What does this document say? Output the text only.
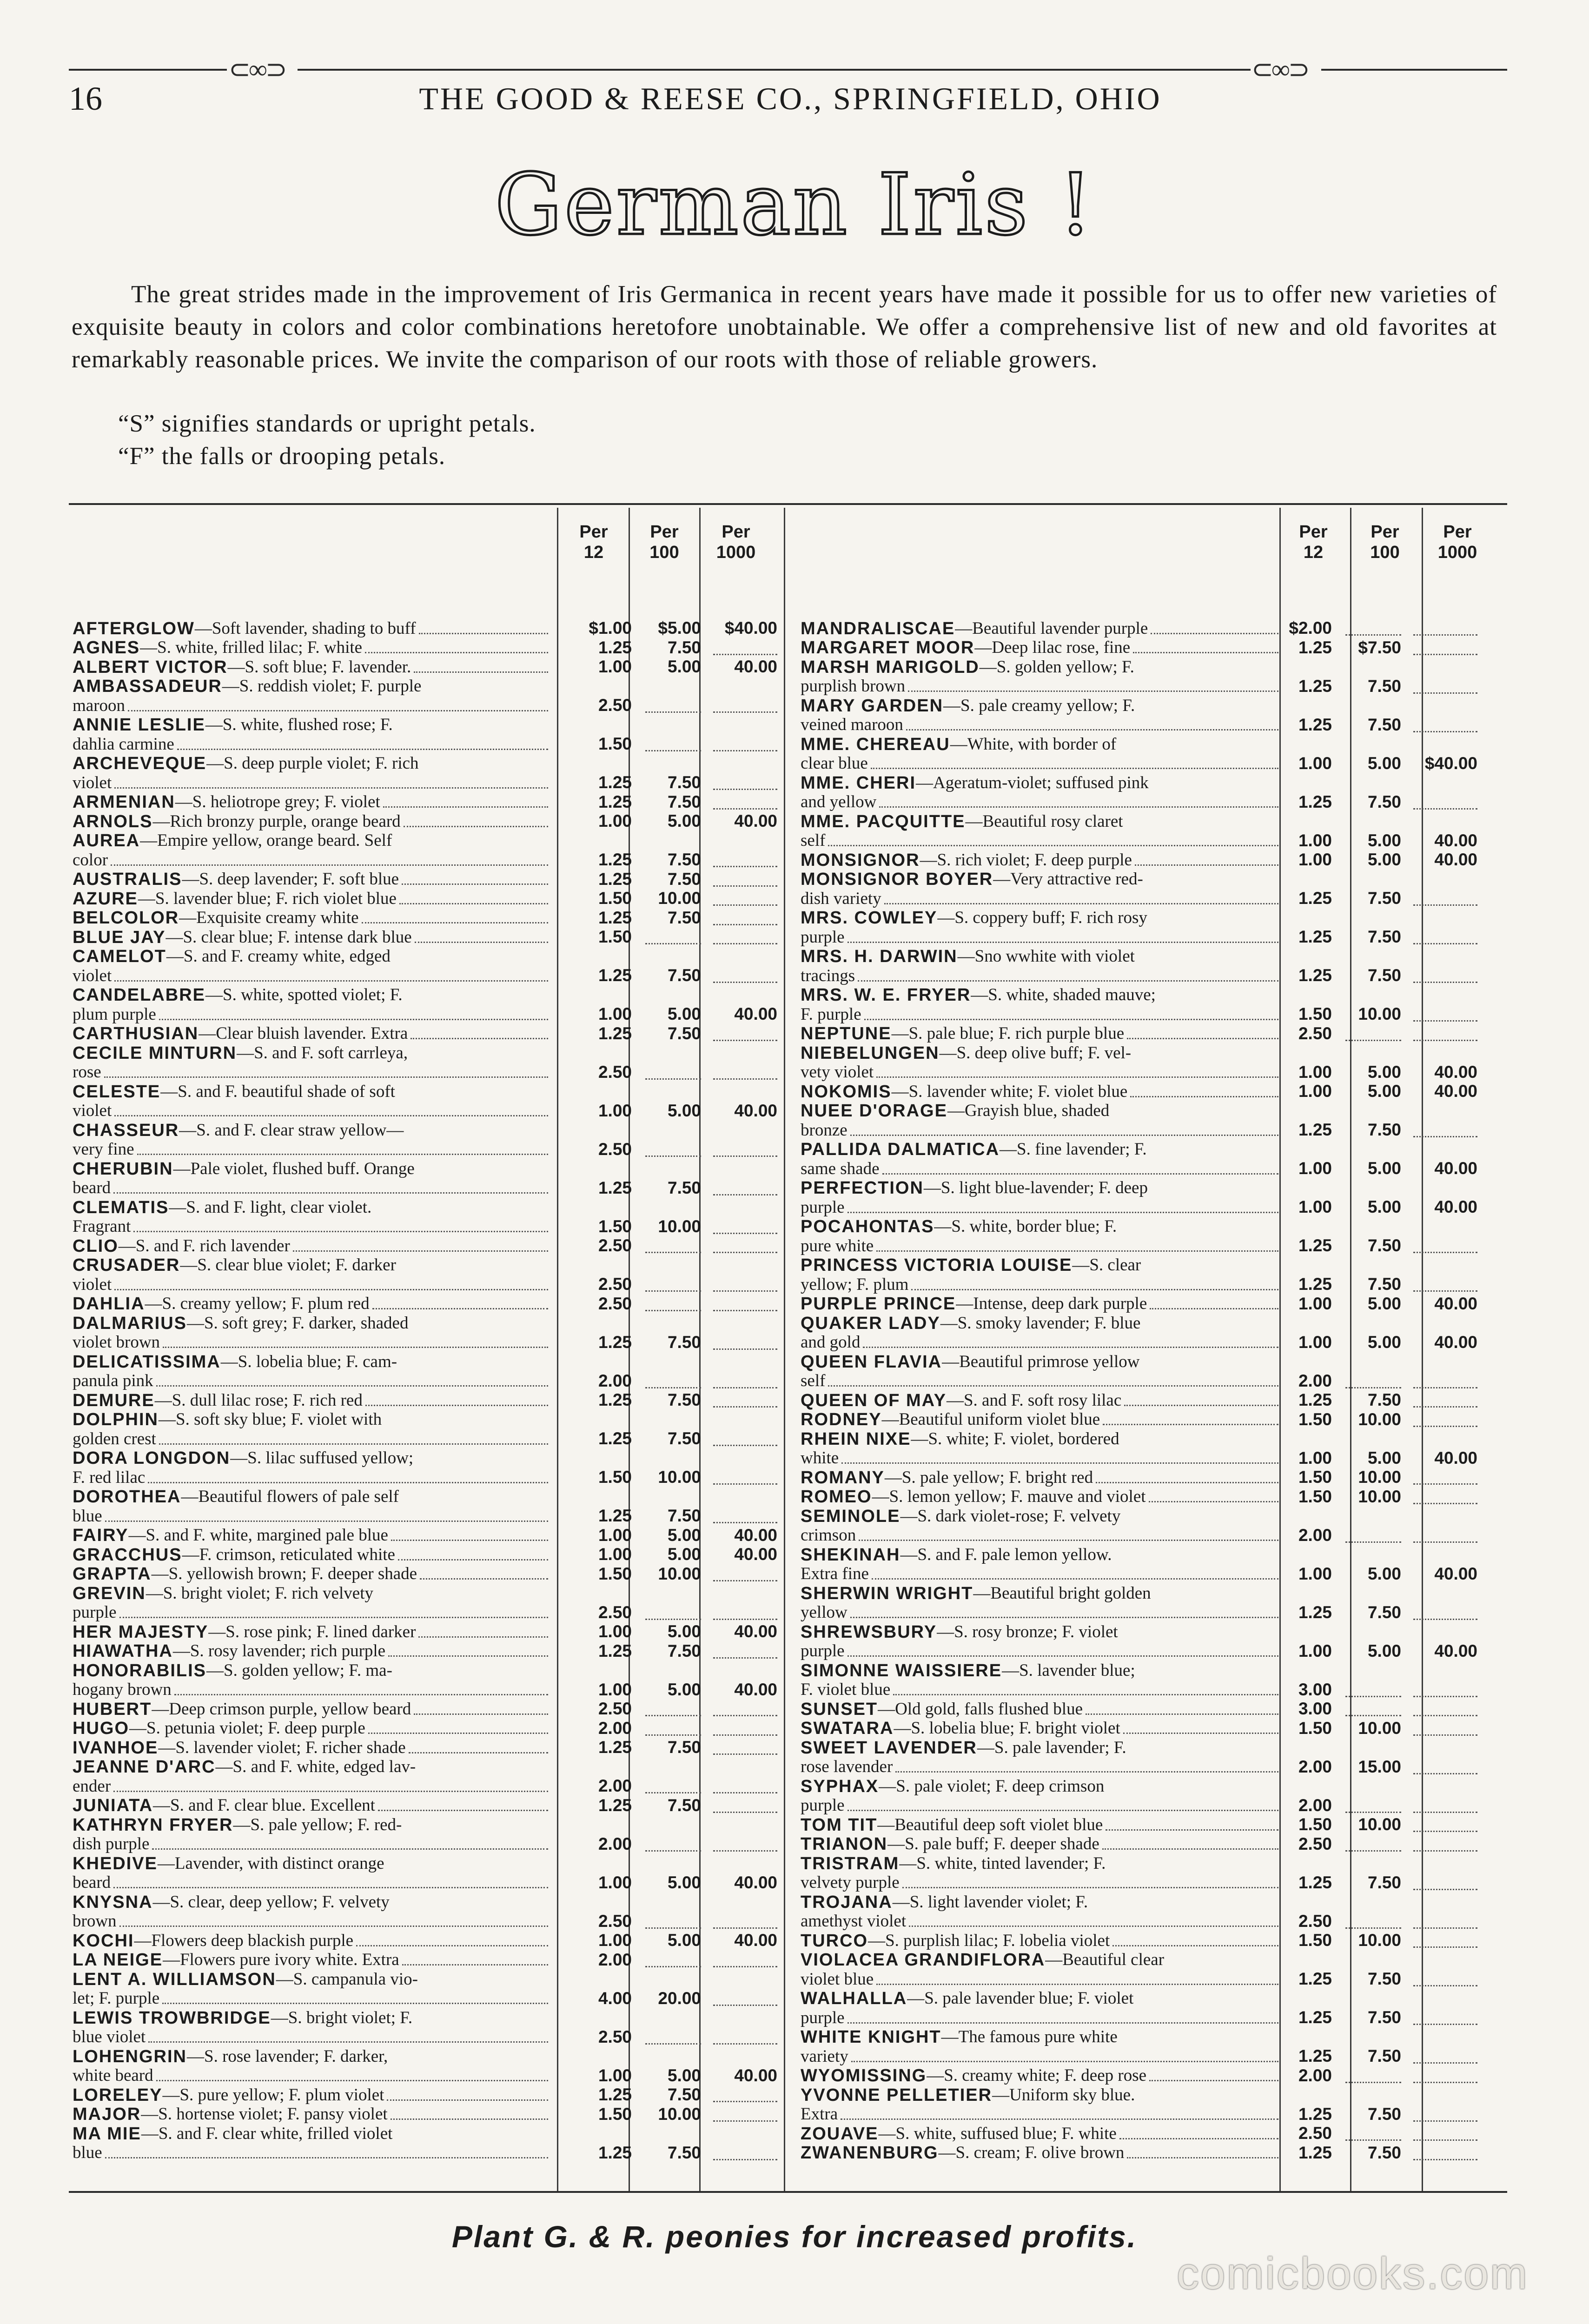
⊂∞⊃	⊂∞⊃
16	THE GOOD & REESE CO., SPRINGFIELD, OHIO
German Iris !
The great strides made in the improvement of Iris Germanica in recent years have made it possible for us to offer new varieties of exquisite beauty in colors and color combinations heretofore unobtainable. We offer a comprehensive list of new and old favorites at remarkably reasonable prices. We invite the comparison of our roots with those of reliable growers.
“S” signifies standards or upright petals.
“F” the falls or drooping petals.
Per
12
Per
100
Per
1000
Per
12
Per
100
Per
1000
AFTERGLOW —Soft lavender, shading to buff	$1.00	$5.00	$40.00
AGNES —S. white, frilled lilac; F. white	1.25	7.50
ALBERT VICTOR —S. soft blue; F. lavender.	1.00	5.00	40.00
AMBASSADEUR —S. reddish violet; F. purple
maroon	2.50
ANNIE LESLIE —S. white, flushed rose; F.
dahlia carmine	1.50
ARCHEVEQUE —S. deep purple violet; F. rich
violet	1.25	7.50
ARMENIAN —S. heliotrope grey; F. violet	1.25	7.50
ARNOLS —Rich bronzy purple, orange beard	1.00	5.00	40.00
AUREA —Empire yellow, orange beard. Self
color	1.25	7.50
AUSTRALIS —S. deep lavender; F. soft blue	1.25	7.50
AZURE —S. lavender blue; F. rich violet blue	1.50	10.00
BELCOLOR —Exquisite creamy white	1.25	7.50
BLUE JAY —S. clear blue; F. intense dark blue	1.50
CAMELOT —S. and F. creamy white, edged
violet	1.25	7.50
CANDELABRE —S. white, spotted violet; F.
plum purple	1.00	5.00	40.00
CARTHUSIAN —Clear bluish lavender. Extra	1.25	7.50
CECILE MINTURN —S. and F. soft carrleya,
rose	2.50
CELESTE —S. and F. beautiful shade of soft
violet	1.00	5.00	40.00
CHASSEUR —S. and F. clear straw yellow—
very fine	2.50
CHERUBIN —Pale violet, flushed buff. Orange
beard	1.25	7.50
CLEMATIS —S. and F. light, clear violet.
Fragrant	1.50	10.00
CLIO —S. and F. rich lavender	2.50
CRUSADER —S. clear blue violet; F. darker
violet	2.50
DAHLIA —S. creamy yellow; F. plum red	2.50
DALMARIUS —S. soft grey; F. darker, shaded
violet brown	1.25	7.50
DELICATISSIMA —S. lobelia blue; F. cam-
panula pink	2.00
DEMURE —S. dull lilac rose; F. rich red	1.25	7.50
DOLPHIN —S. soft sky blue; F. violet with
golden crest	1.25	7.50
DORA LONGDON —S. lilac suffused yellow;
F. red lilac	1.50	10.00
DOROTHEA —Beautiful flowers of pale self
blue	1.25	7.50
FAIRY —S. and F. white, margined pale blue	1.00	5.00	40.00
GRACCHUS —F. crimson, reticulated white	1.00	5.00	40.00
GRAPTA —S. yellowish brown; F. deeper shade	1.50	10.00
GREVIN —S. bright violet; F. rich velvety
purple	2.50
HER MAJESTY —S. rose pink; F. lined darker	1.00	5.00	40.00
HIAWATHA —S. rosy lavender; rich purple	1.25	7.50
HONORABILIS —S. golden yellow; F. ma-
hogany brown	1.00	5.00	40.00
HUBERT —Deep crimson purple, yellow beard	2.50
HUGO —S. petunia violet; F. deep purple	2.00
IVANHOE —S. lavender violet; F. richer shade	1.25	7.50
JEANNE D'ARC —S. and F. white, edged lav-
ender	2.00
JUNIATA —S. and F. clear blue. Excellent	1.25	7.50
KATHRYN FRYER —S. pale yellow; F. red-
dish purple	2.00
KHEDIVE —Lavender, with distinct orange
beard	1.00	5.00	40.00
KNYSNA —S. clear, deep yellow; F. velvety
brown	2.50
KOCHI —Flowers deep blackish purple	1.00	5.00	40.00
LA NEIGE —Flowers pure ivory white. Extra	2.00
LENT A. WILLIAMSON —S. campanula vio-
let; F. purple	4.00	20.00
LEWIS TROWBRIDGE —S. bright violet; F.
blue violet	2.50
LOHENGRIN —S. rose lavender; F. darker,
white beard	1.00	5.00	40.00
LORELEY —S. pure yellow; F. plum violet	1.25	7.50
MAJOR —S. hortense violet; F. pansy violet	1.50	10.00
MA MIE —S. and F. clear white, frilled violet
blue	1.25	7.50
MANDRALISCAE —Beautiful lavender purple	$2.00
MARGARET MOOR —Deep lilac rose, fine	1.25	$7.50
MARSH MARIGOLD —S. golden yellow; F.
purplish brown	1.25	7.50
MARY GARDEN —S. pale creamy yellow; F.
veined maroon	1.25	7.50
MME. CHEREAU —White, with border of
clear blue	1.00	5.00	$40.00
MME. CHERI —Ageratum-violet; suffused pink
and yellow	1.25	7.50
MME. PACQUITTE —Beautiful rosy claret
self	1.00	5.00	40.00
MONSIGNOR —S. rich violet; F. deep purple	1.00	5.00	40.00
MONSIGNOR BOYER —Very attractive red-
dish variety	1.25	7.50
MRS. COWLEY —S. coppery buff; F. rich rosy
purple	1.25	7.50
MRS. H. DARWIN —Sno wwhite with violet
tracings	1.25	7.50
MRS. W. E. FRYER —S. white, shaded mauve;
F. purple	1.50	10.00
NEPTUNE —S. pale blue; F. rich purple blue	2.50
NIEBELUNGEN —S. deep olive buff; F. vel-
vety violet	1.00	5.00	40.00
NOKOMIS —S. lavender white; F. violet blue	1.00	5.00	40.00
NUEE D'ORAGE —Grayish blue, shaded
bronze	1.25	7.50
PALLIDA DALMATICA —S. fine lavender; F.
same shade	1.00	5.00	40.00
PERFECTION —S. light blue-lavender; F. deep
purple	1.00	5.00	40.00
POCAHONTAS —S. white, border blue; F.
pure white	1.25	7.50
PRINCESS VICTORIA LOUISE —S. clear
yellow; F. plum	1.25	7.50
PURPLE PRINCE —Intense, deep dark purple	1.00	5.00	40.00
QUAKER LADY —S. smoky lavender; F. blue
and gold	1.00	5.00	40.00
QUEEN FLAVIA —Beautiful primrose yellow
self	2.00
QUEEN OF MAY —S. and F. soft rosy lilac	1.25	7.50
RODNEY —Beautiful uniform violet blue	1.50	10.00
RHEIN NIXE —S. white; F. violet, bordered
white	1.00	5.00	40.00
ROMANY —S. pale yellow; F. bright red	1.50	10.00
ROMEO —S. lemon yellow; F. mauve and violet	1.50	10.00
SEMINOLE —S. dark violet-rose; F. velvety
crimson	2.00
SHEKINAH —S. and F. pale lemon yellow.
Extra fine	1.00	5.00	40.00
SHERWIN WRIGHT —Beautiful bright golden
yellow	1.25	7.50
SHREWSBURY —S. rosy bronze; F. violet
purple	1.00	5.00	40.00
SIMONNE WAISSIERE —S. lavender blue;
F. violet blue	3.00
SUNSET —Old gold, falls flushed blue	3.00
SWATARA —S. lobelia blue; F. bright violet	1.50	10.00
SWEET LAVENDER —S. pale lavender; F.
rose lavender	2.00	15.00
SYPHAX —S. pale violet; F. deep crimson
purple	2.00
TOM TIT —Beautiful deep soft violet blue	1.50	10.00
TRIANON —S. pale buff; F. deeper shade	2.50
TRISTRAM —S. white, tinted lavender; F.
velvety purple	1.25	7.50
TROJANA —S. light lavender violet; F.
amethyst violet	2.50
TURCO —S. purplish lilac; F. lobelia violet	1.50	10.00
VIOLACEA GRANDIFLORA —Beautiful clear
violet blue	1.25	7.50
WALHALLA —S. pale lavender blue; F. violet
purple	1.25	7.50
WHITE KNIGHT —The famous pure white
variety	1.25	7.50
WYOMISSING —S. creamy white; F. deep rose	2.00
YVONNE PELLETIER —Uniform sky blue.
Extra	1.25	7.50
ZOUAVE —S. white, suffused blue; F. white	2.50
ZWANENBURG —S. cream; F. olive brown	1.25	7.50
Plant G. & R. peonies for increased profits.
comicbooks.com
